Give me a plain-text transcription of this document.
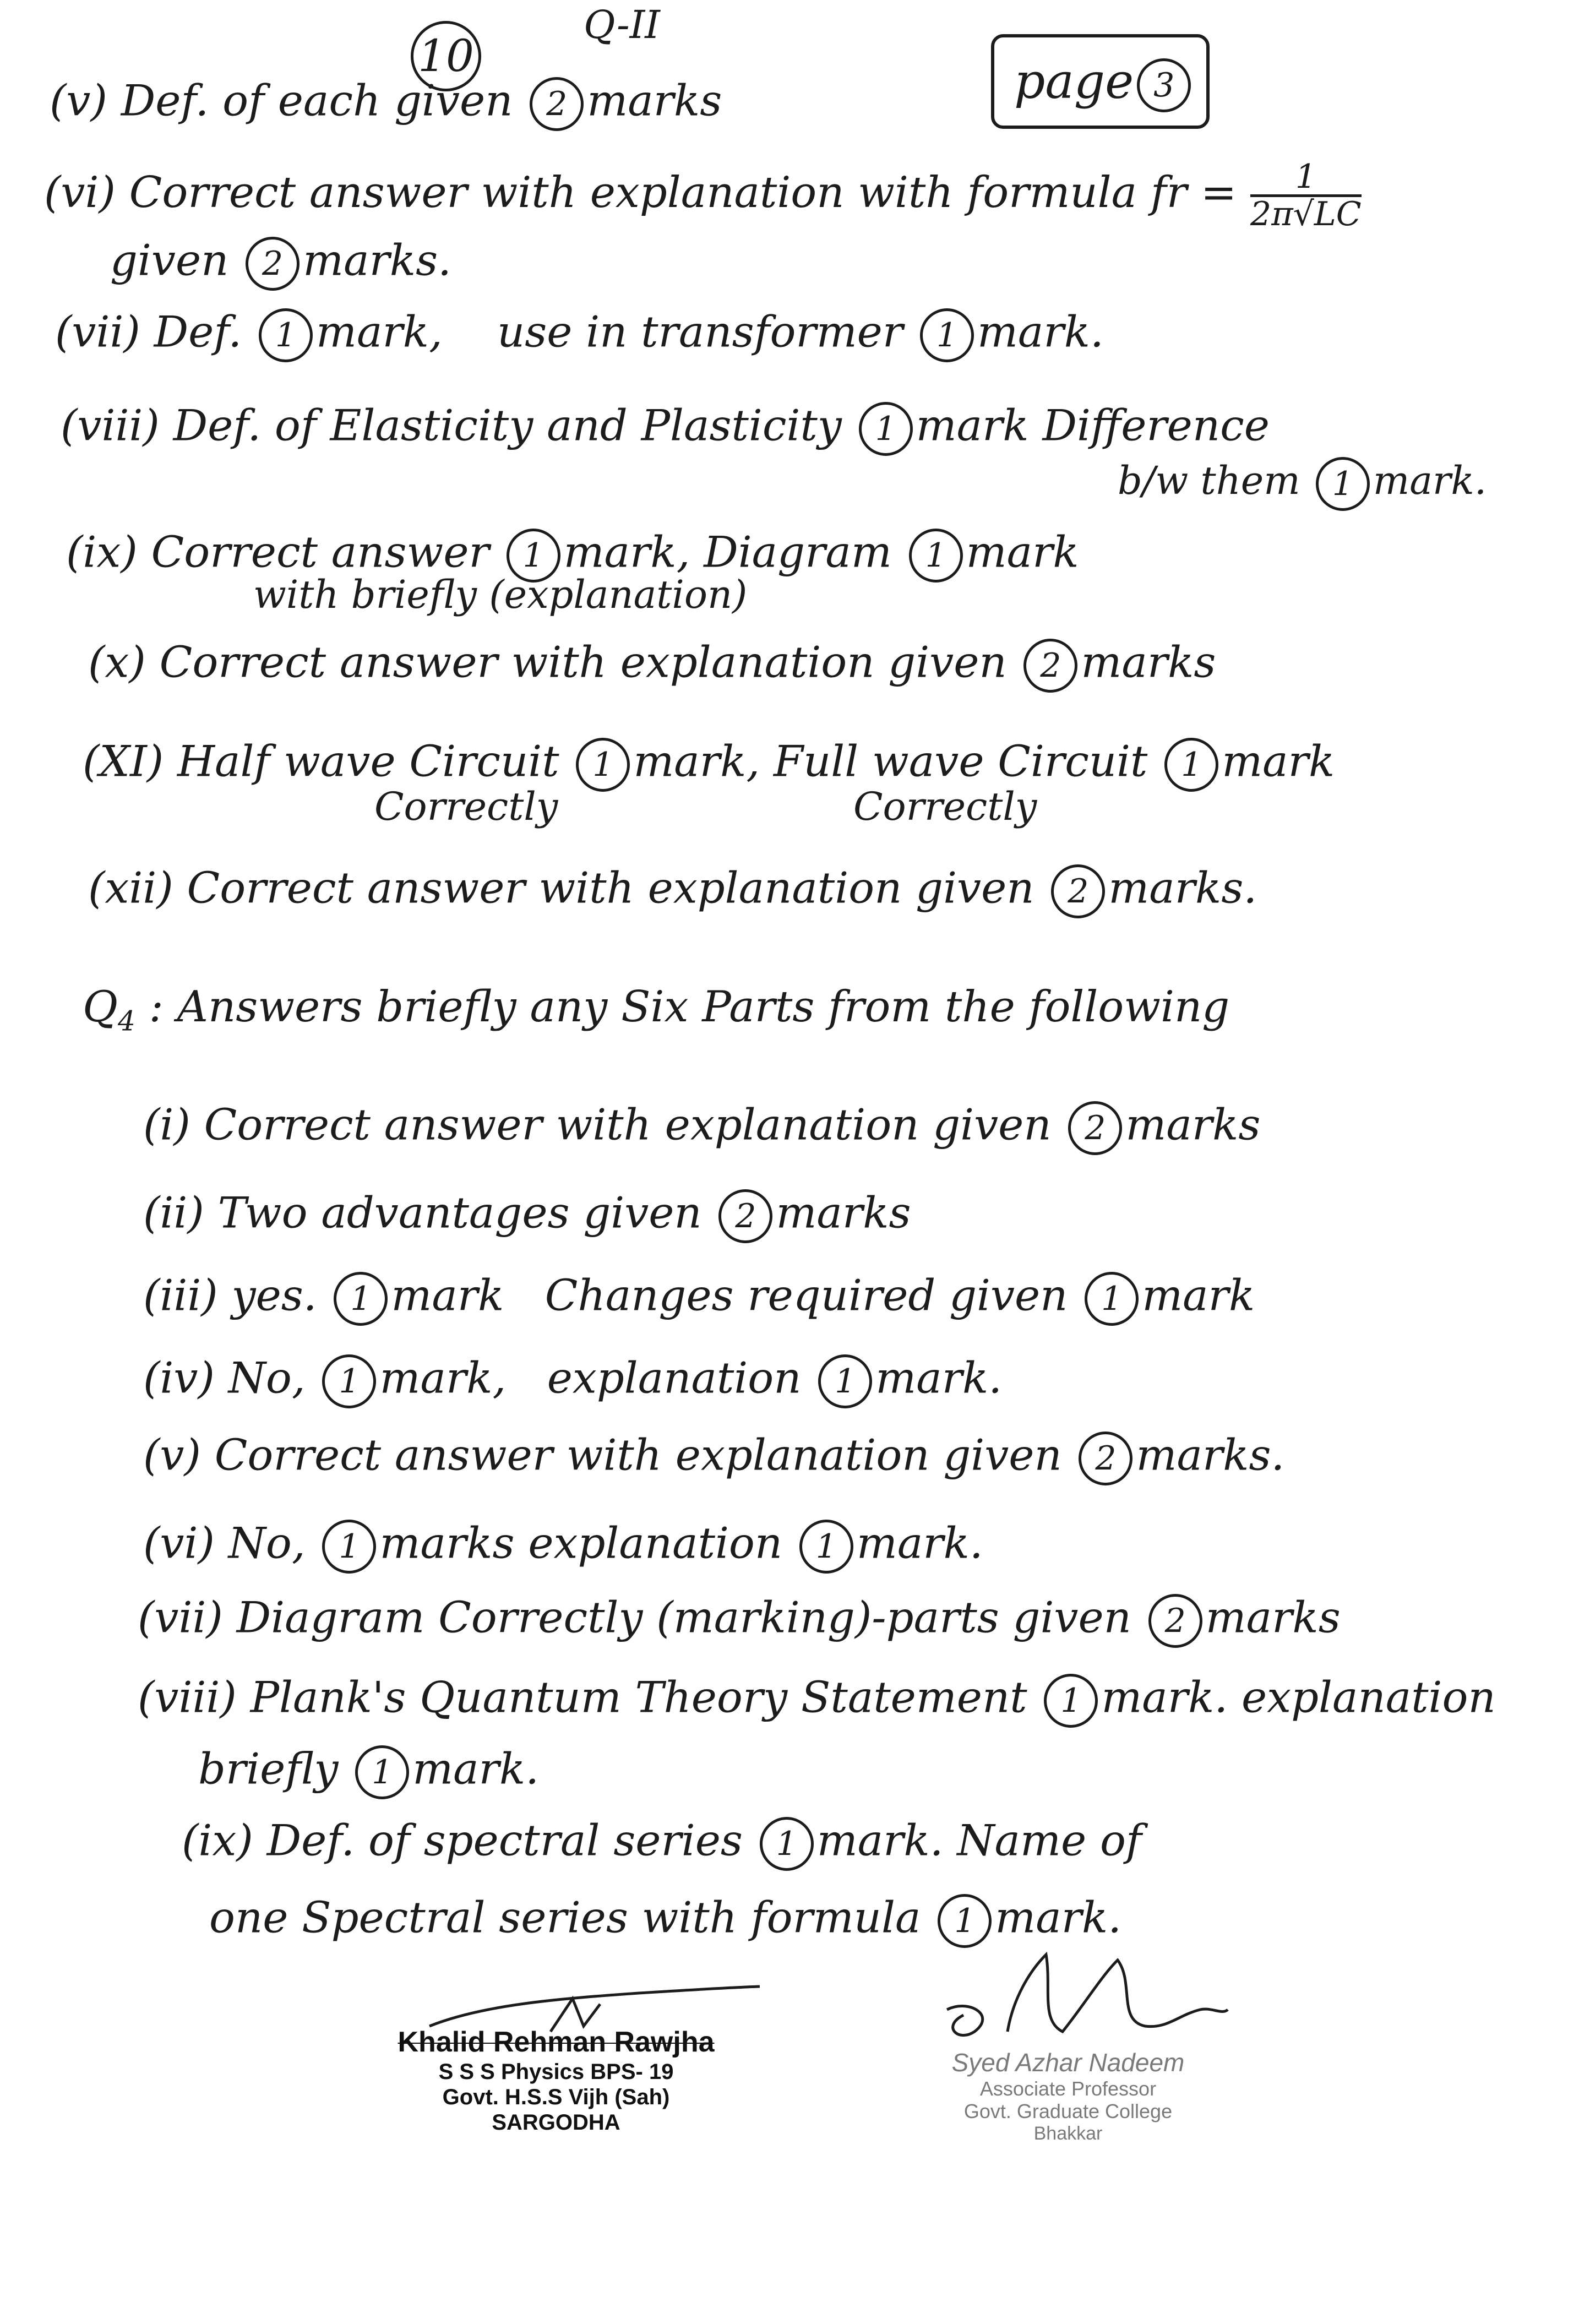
10
Q-II
page 3
(v) Def. of each given 2 marks
(vi) Correct answer with explanation with formula fr = $\frac{1}{2\pi√LC}$
given 2 marks.
(vii) Def. 1 mark, use in transformer 1 mark.
(viii) Def. of Elasticity and Plasticity 1 mark Difference
b/w them 1 mark.
(ix) Correct answer 1 mark, Diagram 1 mark
with briefly (explanation)
(x) Correct answer with explanation given 2 marks
(XI) Half wave Circuit 1 mark, Full wave Circuit 1 mark
Correctly	Correctly
(xii) Correct answer with explanation given 2 marks.
$Q_4$ : Answers briefly any Six Parts from the following
(i) Correct answer with explanation given 2 marks
(ii) Two advantages given 2 marks
(iii) yes. 1 mark Changes required given 1 mark
(iv) No, 1 mark, explanation 1 mark.
(v) Correct answer with explanation given 2 marks.
(vi) No, 1 marks explanation 1 mark.
(vii) Diagram Correctly (marking)-parts given 2 marks
(viii) Plank's Quantum Theory Statement 1 mark. explanation
briefly 1 mark.
(ix) Def. of spectral series 1 mark. Name of
one Spectral series with formula 1 mark.
Khalid Rehman Rawjha
S S S Physics BPS- 19
Govt. H.S.S Vijh (Sah)
SARGODHA
Syed Azhar Nadeem
Associate Professor
Govt. Graduate College
Bhakkar
